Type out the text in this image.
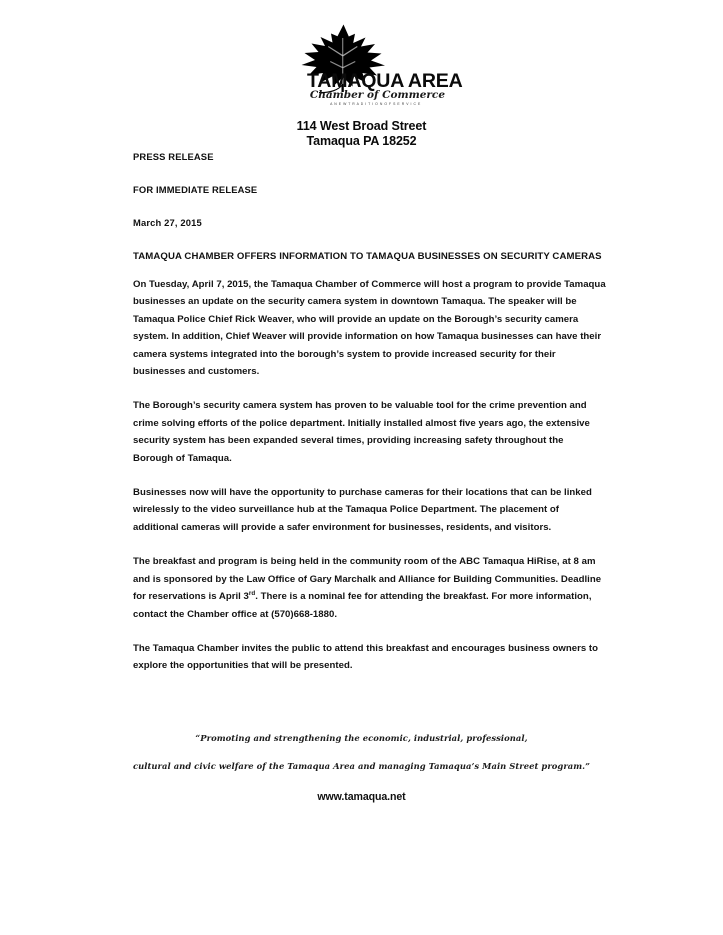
TAMAQUA AREA
Chamber of Commerce
A N E W T R A D I T I O N O F S E R V I C E
114 West Broad Street
Tamaqua PA 18252

PRESS RELEASE

FOR IMMEDIATE RELEASE

March 27, 2015

TAMAQUA CHAMBER OFFERS INFORMATION TO TAMAQUA BUSINESSES ON SECURITY CAMERAS

On Tuesday, April 7, 2015, the Tamaqua Chamber of Commerce will host a program to provide Tamaqua businesses an update on the security camera system in downtown Tamaqua. The speaker will be Tamaqua Police Chief Rick Weaver, who will provide an update on the Borough’s security camera system. In addition, Chief Weaver will provide information on how Tamaqua businesses can have their camera systems integrated into the borough’s system to provide increased security for their businesses and customers.

The Borough’s security camera system has proven to be valuable tool for the crime prevention and crime solving efforts of the police department. Initially installed almost five years ago, the extensive security system has been expanded several times, providing increasing safety throughout the Borough of Tamaqua.

Businesses now will have the opportunity to purchase cameras for their locations that can be linked wirelessly to the video surveillance hub at the Tamaqua Police Department. The placement of additional cameras will provide a safer environment for businesses, residents, and visitors.

The breakfast and program is being held in the community room of the ABC Tamaqua HiRise, at 8 am and is sponsored by the Law Office of Gary Marchalk and Alliance for Building Communities. Deadline for reservations is April 3rd. There is a nominal fee for attending the breakfast. For more information, contact the Chamber office at (570)668-1880.

The Tamaqua Chamber invites the public to attend this breakfast and encourages business owners to explore the opportunities that will be presented.

“Promoting and strengthening the economic, industrial, professional,

cultural and civic welfare of the Tamaqua Area and managing Tamaqua’s Main Street program.”

www.tamaqua.net
